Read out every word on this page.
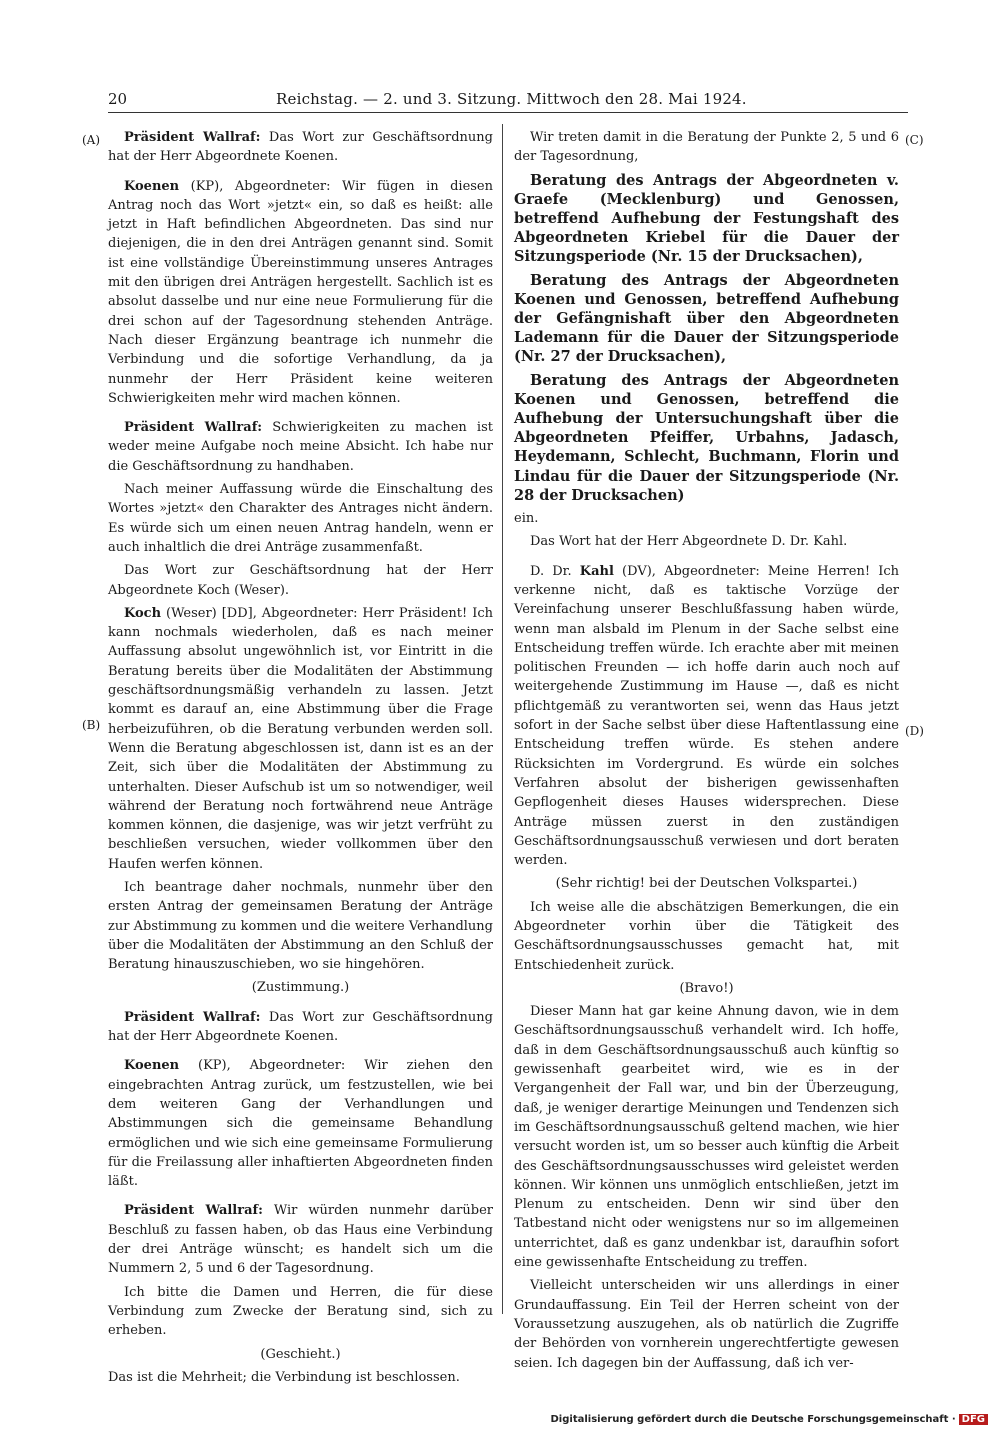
20	Reichstag. — 2. und 3. Sitzung. Mittwoch den 28. Mai 1924.
(A)
(B)
(C)
(D)

Präsident Wallraf: Das Wort zur Geschäftsordnung hat der Herr Abgeordnete Koenen.

Koenen (KP), Abgeordneter: Wir fügen in diesen Antrag noch das Wort »jetzt« ein, so daß es heißt: alle jetzt in Haft befindlichen Abgeordneten. Das sind nur diejenigen, die in den drei Anträgen genannt sind. Somit ist eine vollständige Übereinstimmung unseres Antrages mit den übrigen drei Anträgen hergestellt. Sachlich ist es absolut dasselbe und nur eine neue Formulierung für die drei schon auf der Tagesordnung stehenden Anträge. Nach dieser Ergänzung beantrage ich nunmehr die Verbindung und die sofortige Verhandlung, da ja nunmehr der Herr Präsident keine weiteren Schwierigkeiten mehr wird machen können.

Präsident Wallraf: Schwierigkeiten zu machen ist weder meine Aufgabe noch meine Absicht. Ich habe nur die Geschäftsordnung zu handhaben.

Nach meiner Auffassung würde die Einschaltung des Wortes »jetzt« den Charakter des Antrages nicht ändern. Es würde sich um einen neuen Antrag handeln, wenn er auch inhaltlich die drei Anträge zusammenfaßt.

Das Wort zur Geschäftsordnung hat der Herr Abgeordnete Koch (Weser).

Koch (Weser) [DD], Abgeordneter: Herr Präsident! Ich kann nochmals wiederholen, daß es nach meiner Auffassung absolut ungewöhnlich ist, vor Eintritt in die Beratung bereits über die Modalitäten der Abstimmung geschäftsordnungsmäßig verhandeln zu lassen. Jetzt kommt es darauf an, eine Abstimmung über die Frage herbeizuführen, ob die Beratung verbunden werden soll. Wenn die Beratung abgeschlossen ist, dann ist es an der Zeit, sich über die Modalitäten der Abstimmung zu unterhalten. Dieser Aufschub ist um so notwendiger, weil während der Beratung noch fortwährend neue Anträge kommen können, die dasjenige, was wir jetzt verfrüht zu beschließen versuchen, wieder vollkommen über den Haufen werfen können.

Ich beantrage daher nochmals, nunmehr über den ersten Antrag der gemeinsamen Beratung der Anträge zur Abstimmung zu kommen und die weitere Verhandlung über die Modalitäten der Abstimmung an den Schluß der Beratung hinauszuschieben, wo sie hingehören.

(Zustimmung.)

Präsident Wallraf: Das Wort zur Geschäftsordnung hat der Herr Abgeordnete Koenen.

Koenen (KP), Abgeordneter: Wir ziehen den eingebrachten Antrag zurück, um festzustellen, wie bei dem weiteren Gang der Verhandlungen und Abstimmungen sich die gemeinsame Behandlung ermöglichen und wie sich eine gemeinsame Formulierung für die Freilassung aller inhaftierten Abgeordneten finden läßt.

Präsident Wallraf: Wir würden nunmehr darüber Beschluß zu fassen haben, ob das Haus eine Verbindung der drei Anträge wünscht; es handelt sich um die Nummern 2, 5 und 6 der Tagesordnung.

Ich bitte die Damen und Herren, die für diese Verbindung zum Zwecke der Beratung sind, sich zu erheben.

(Geschieht.)

Das ist die Mehrheit; die Verbindung ist beschlossen.

Wir treten damit in die Beratung der Punkte 2, 5 und 6 der Tagesordnung,

Beratung des Antrags der Abgeordneten v. Graefe (Mecklenburg) und Genossen, betreffend Aufhebung der Festungshaft des Abgeordneten Kriebel für die Dauer der Sitzungsperiode (Nr. 15 der Drucksachen),

Beratung des Antrags der Abgeordneten Koenen und Genossen, betreffend Aufhebung der Gefängnishaft über den Abgeordneten Lademann für die Dauer der Sitzungsperiode (Nr. 27 der Drucksachen),

Beratung des Antrags der Abgeordneten Koenen und Genossen, betreffend die Aufhebung der Untersuchungshaft über die Abgeordneten Pfeiffer, Urbahns, Jadasch, Heydemann, Schlecht, Buchmann, Florin und Lindau für die Dauer der Sitzungsperiode (Nr. 28 der Drucksachen)

ein.

Das Wort hat der Herr Abgeordnete D. Dr. Kahl.

D. Dr. Kahl (DV), Abgeordneter: Meine Herren! Ich verkenne nicht, daß es taktische Vorzüge der Vereinfachung unserer Beschlußfassung haben würde, wenn man alsbald im Plenum in der Sache selbst eine Entscheidung treffen würde. Ich erachte aber mit meinen politischen Freunden — ich hoffe darin auch noch auf weitergehende Zustimmung im Hause —, daß es nicht pflichtgemäß zu verantworten sei, wenn das Haus jetzt sofort in der Sache selbst über diese Haftentlassung eine Entscheidung treffen würde. Es stehen andere Rücksichten im Vordergrund. Es würde ein solches Verfahren absolut der bisherigen gewissenhaften Gepflogenheit dieses Hauses widersprechen. Diese Anträge müssen zuerst in den zuständigen Geschäftsordnungsausschuß verwiesen und dort beraten werden.

(Sehr richtig! bei der Deutschen Volkspartei.)

Ich weise alle die abschätzigen Bemerkungen, die ein Abgeordneter vorhin über die Tätigkeit des Geschäftsordnungsausschusses gemacht hat, mit Entschiedenheit zurück.

(Bravo!)

Dieser Mann hat gar keine Ahnung davon, wie in dem Geschäftsordnungsausschuß verhandelt wird. Ich hoffe, daß in dem Geschäftsordnungsausschuß auch künftig so gewissenhaft gearbeitet wird, wie es in der Vergangenheit der Fall war, und bin der Überzeugung, daß, je weniger derartige Meinungen und Tendenzen sich im Geschäftsordnungsausschuß geltend machen, wie hier versucht worden ist, um so besser auch künftig die Arbeit des Geschäftsordnungsausschusses wird geleistet werden können. Wir können uns unmöglich entschließen, jetzt im Plenum zu entscheiden. Denn wir sind über den Tatbestand nicht oder wenigstens nur so im allgemeinen unterrichtet, daß es ganz undenkbar ist, daraufhin sofort eine gewissenhafte Entscheidung zu treffen.

Vielleicht unterscheiden wir uns allerdings in einer Grundauffassung. Ein Teil der Herren scheint von der Voraussetzung auszugehen, als ob natürlich die Zugriffe der Behörden von vornherein ungerechtfertigte gewesen seien. Ich dagegen bin der Auffassung, daß ich ver-

Digitalisierung gefördert durch die Deutsche Forschungsgemeinschaft · DFG
